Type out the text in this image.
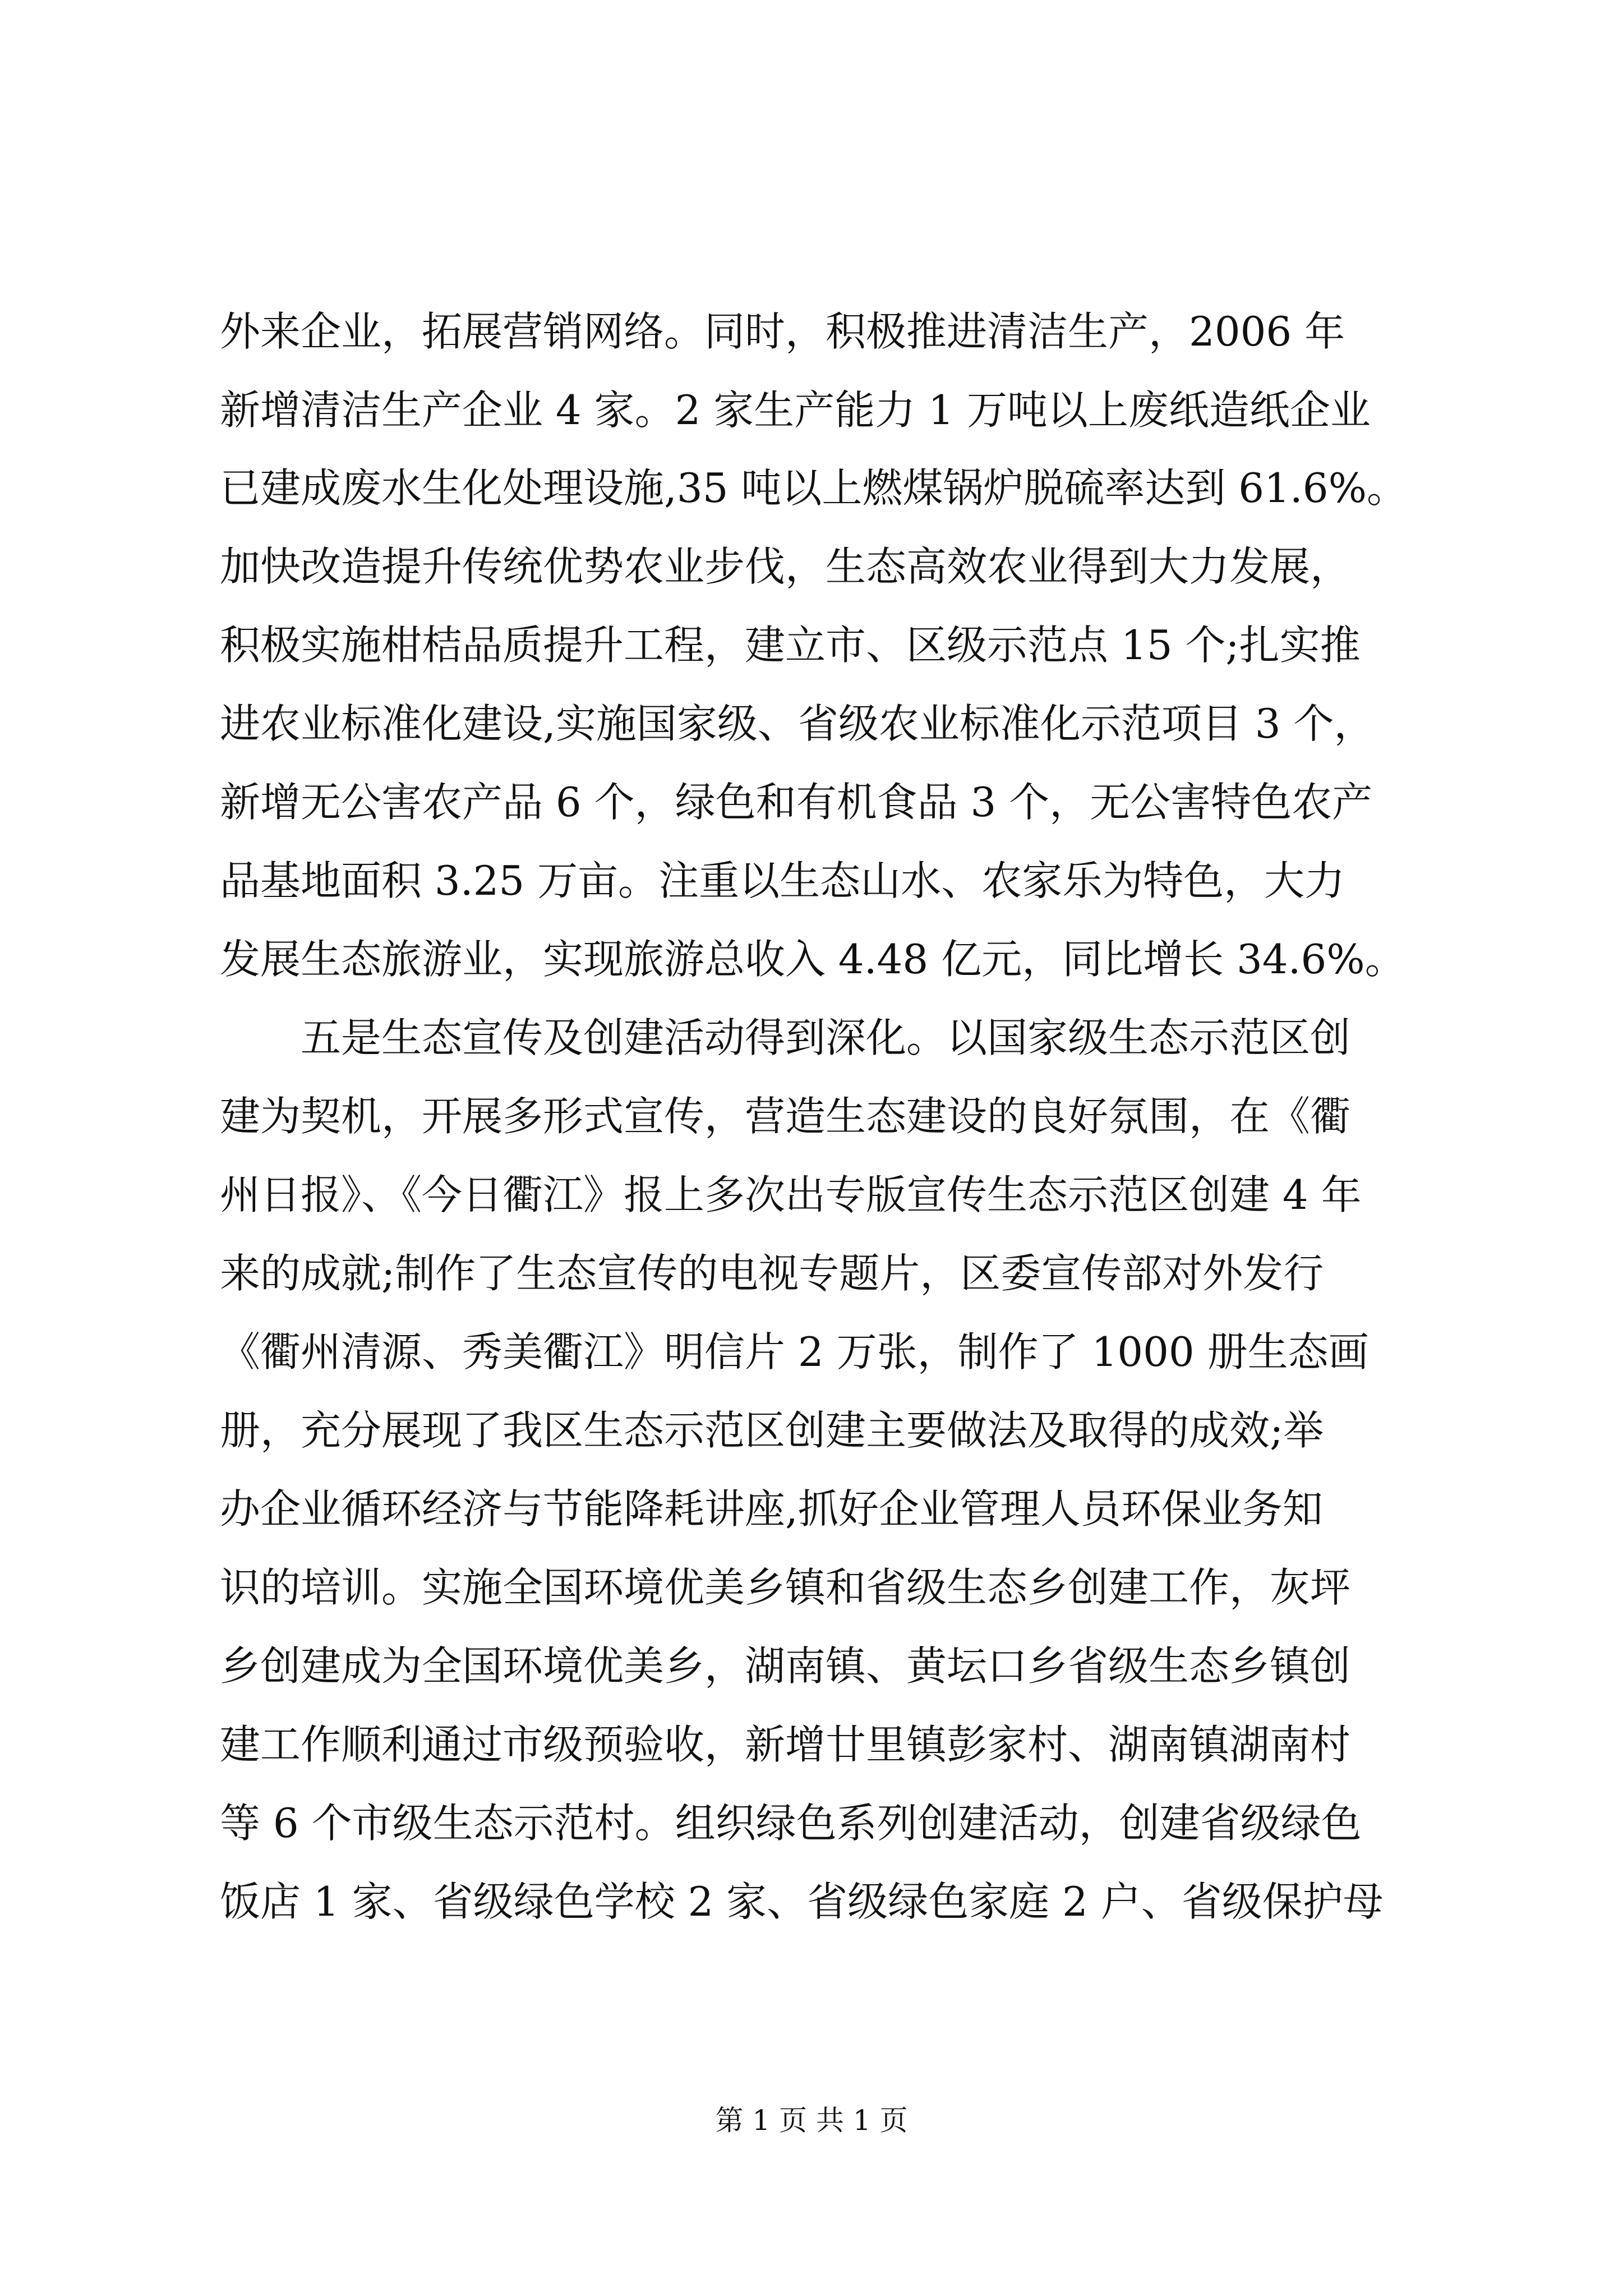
外来企业，拓展营销网络。同时，积极推进清洁生产，2006 年
新增清洁生产企业 4 家。2 家生产能力 1 万吨以上废纸造纸企业
已建成废水生化处理设施,35 吨以上燃煤锅炉脱硫率达到 61.6%。
加快改造提升传统优势农业步伐，生态高效农业得到大力发展，
积极实施柑桔品质提升工程，建立市、区级示范点 15 个;扎实推
进农业标准化建设,实施国家级、省级农业标准化示范项目 3 个，
新增无公害农产品 6 个，绿色和有机食品 3 个，无公害特色农产
品基地面积 3.25 万亩。注重以生态山水、农家乐为特色，大力
发展生态旅游业，实现旅游总收入 4.48 亿元，同比增长 34.6%。
五是生态宣传及创建活动得到深化。以国家级生态示范区创
建为契机，开展多形式宣传，营造生态建设的良好氛围，在《衢
州日报》、《今日衢江》报上多次出专版宣传生态示范区创建 4 年
来的成就;制作了生态宣传的电视专题片，区委宣传部对外发行
《衢州清源、秀美衢江》明信片 2 万张，制作了 1000 册生态画
册，充分展现了我区生态示范区创建主要做法及取得的成效;举
办企业循环经济与节能降耗讲座,抓好企业管理人员环保业务知
识的培训。实施全国环境优美乡镇和省级生态乡创建工作，灰坪
乡创建成为全国环境优美乡，湖南镇、黄坛口乡省级生态乡镇创
建工作顺利通过市级预验收，新增廿里镇彭家村、湖南镇湖南村
等 6 个市级生态示范村。组织绿色系列创建活动，创建省级绿色
饭店 1 家、省级绿色学校 2 家、省级绿色家庭 2 户、省级保护母
第 1 页 共 1 页
